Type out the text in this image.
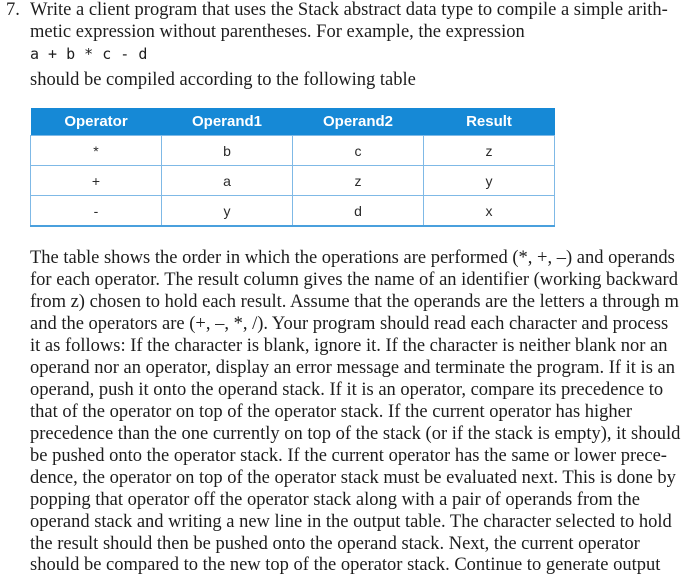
7. Write a client program that uses the Stack abstract data type to compile a simple arith-
metic expression without parentheses. For example, the expression
a + b * c - d
should be compiled according to the following table
Operator	Operand1	Operand2	Result
*	b	c	z
+	a	z	y
-	y	d	x
The table shows the order in which the operations are performed (*, +, –) and operands
for each operator. The result column gives the name of an identifier (working backward
from z) chosen to hold each result. Assume that the operands are the letters a through m
and the operators are (+, –, *, /). Your program should read each character and process
it as follows: If the character is blank, ignore it. If the character is neither blank nor an
operand nor an operator, display an error message and terminate the program. If it is an
operand, push it onto the operand stack. If it is an operator, compare its precedence to
that of the operator on top of the operator stack. If the current operator has higher
precedence than the one currently on top of the stack (or if the stack is empty), it should
be pushed onto the operator stack. If the current operator has the same or lower prece-
dence, the operator on top of the operator stack must be evaluated next. This is done by
popping that operator off the operator stack along with a pair of operands from the
operand stack and writing a new line in the output table. The character selected to hold
the result should then be pushed onto the operand stack. Next, the current operator
should be compared to the new top of the operator stack. Continue to generate output
